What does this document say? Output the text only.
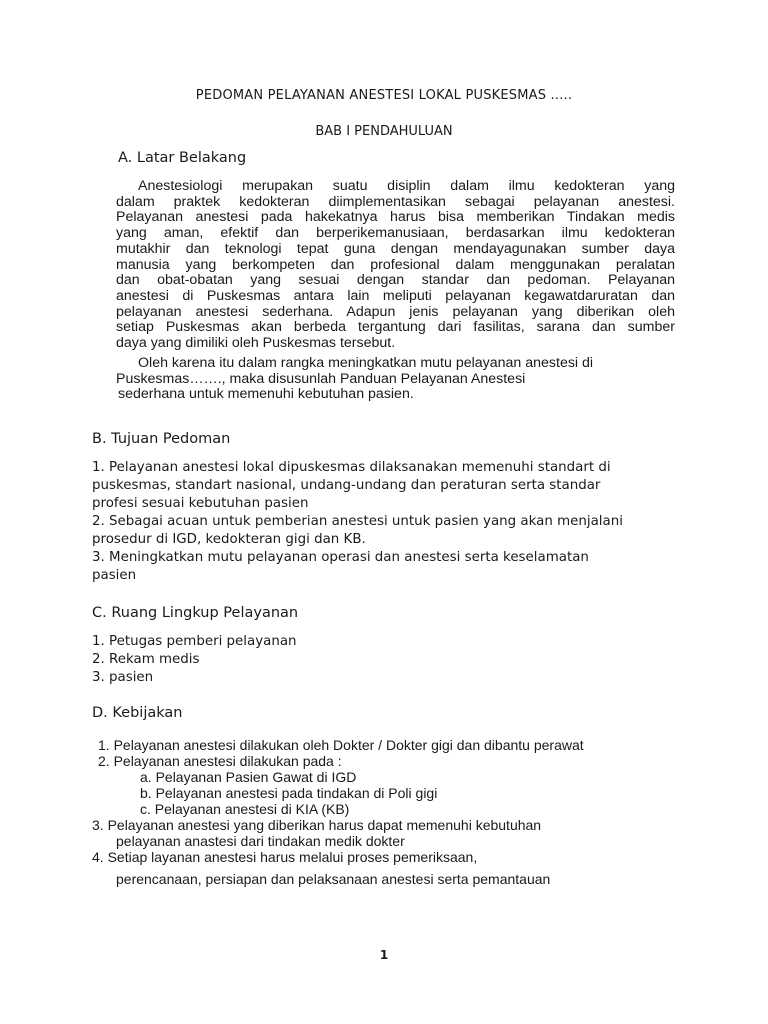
PEDOMAN PELAYANAN ANESTESI LOKAL PUSKESMAS .....
BAB I PENDAHULUAN
A. Latar Belakang
Anestesiologi merupakan suatu disiplin dalam ilmu kedokteran yang
dalam praktek kedokteran diimplementasikan sebagai pelayanan anestesi.
Pelayanan anestesi pada hakekatnya harus bisa memberikan Tindakan medis
yang aman, efektif dan berperikemanusiaan, berdasarkan ilmu kedokteran
mutakhir dan teknologi tepat guna dengan mendayagunakan sumber daya
manusia yang berkompeten dan profesional dalam menggunakan peralatan
dan obat-obatan yang sesuai dengan standar dan pedoman. Pelayanan
anestesi di Puskesmas antara lain meliputi pelayanan kegawatdaruratan dan
pelayanan anestesi sederhana. Adapun jenis pelayanan yang diberikan oleh
setiap Puskesmas akan berbeda tergantung dari fasilitas, sarana dan sumber
daya yang dimiliki oleh Puskesmas tersebut.
Oleh karena itu dalam rangka meningkatkan mutu pelayanan anestesi di
Puskesmas……., maka disusunlah Panduan Pelayanan Anestesi
sederhana untuk memenuhi kebutuhan pasien.
B. Tujuan Pedoman
1. Pelayanan anestesi lokal dipuskesmas dilaksanakan memenuhi standart di
puskesmas, standart nasional, undang-undang dan peraturan serta standar
profesi sesuai kebutuhan pasien
2. Sebagai acuan untuk pemberian anestesi untuk pasien yang akan menjalani
prosedur di IGD, kedokteran gigi dan KB.
3. Meningkatkan mutu pelayanan operasi dan anestesi serta keselamatan
pasien
C. Ruang Lingkup Pelayanan
1. Petugas pemberi pelayanan
2. Rekam medis
3. pasien
D. Kebijakan
1. Pelayanan anestesi dilakukan oleh Dokter / Dokter gigi dan dibantu perawat
2. Pelayanan anestesi dilakukan pada :
a. Pelayanan Pasien Gawat di IGD
b. Pelayanan anestesi pada tindakan di Poli gigi
c. Pelayanan anestesi di KIA (KB)
3. Pelayanan anestesi yang diberikan harus dapat memenuhi kebutuhan
pelayanan anastesi dari tindakan medik dokter
4. Setiap layanan anestesi harus melalui proses pemeriksaan,
perencanaan, persiapan dan pelaksanaan anestesi serta pemantauan
1
